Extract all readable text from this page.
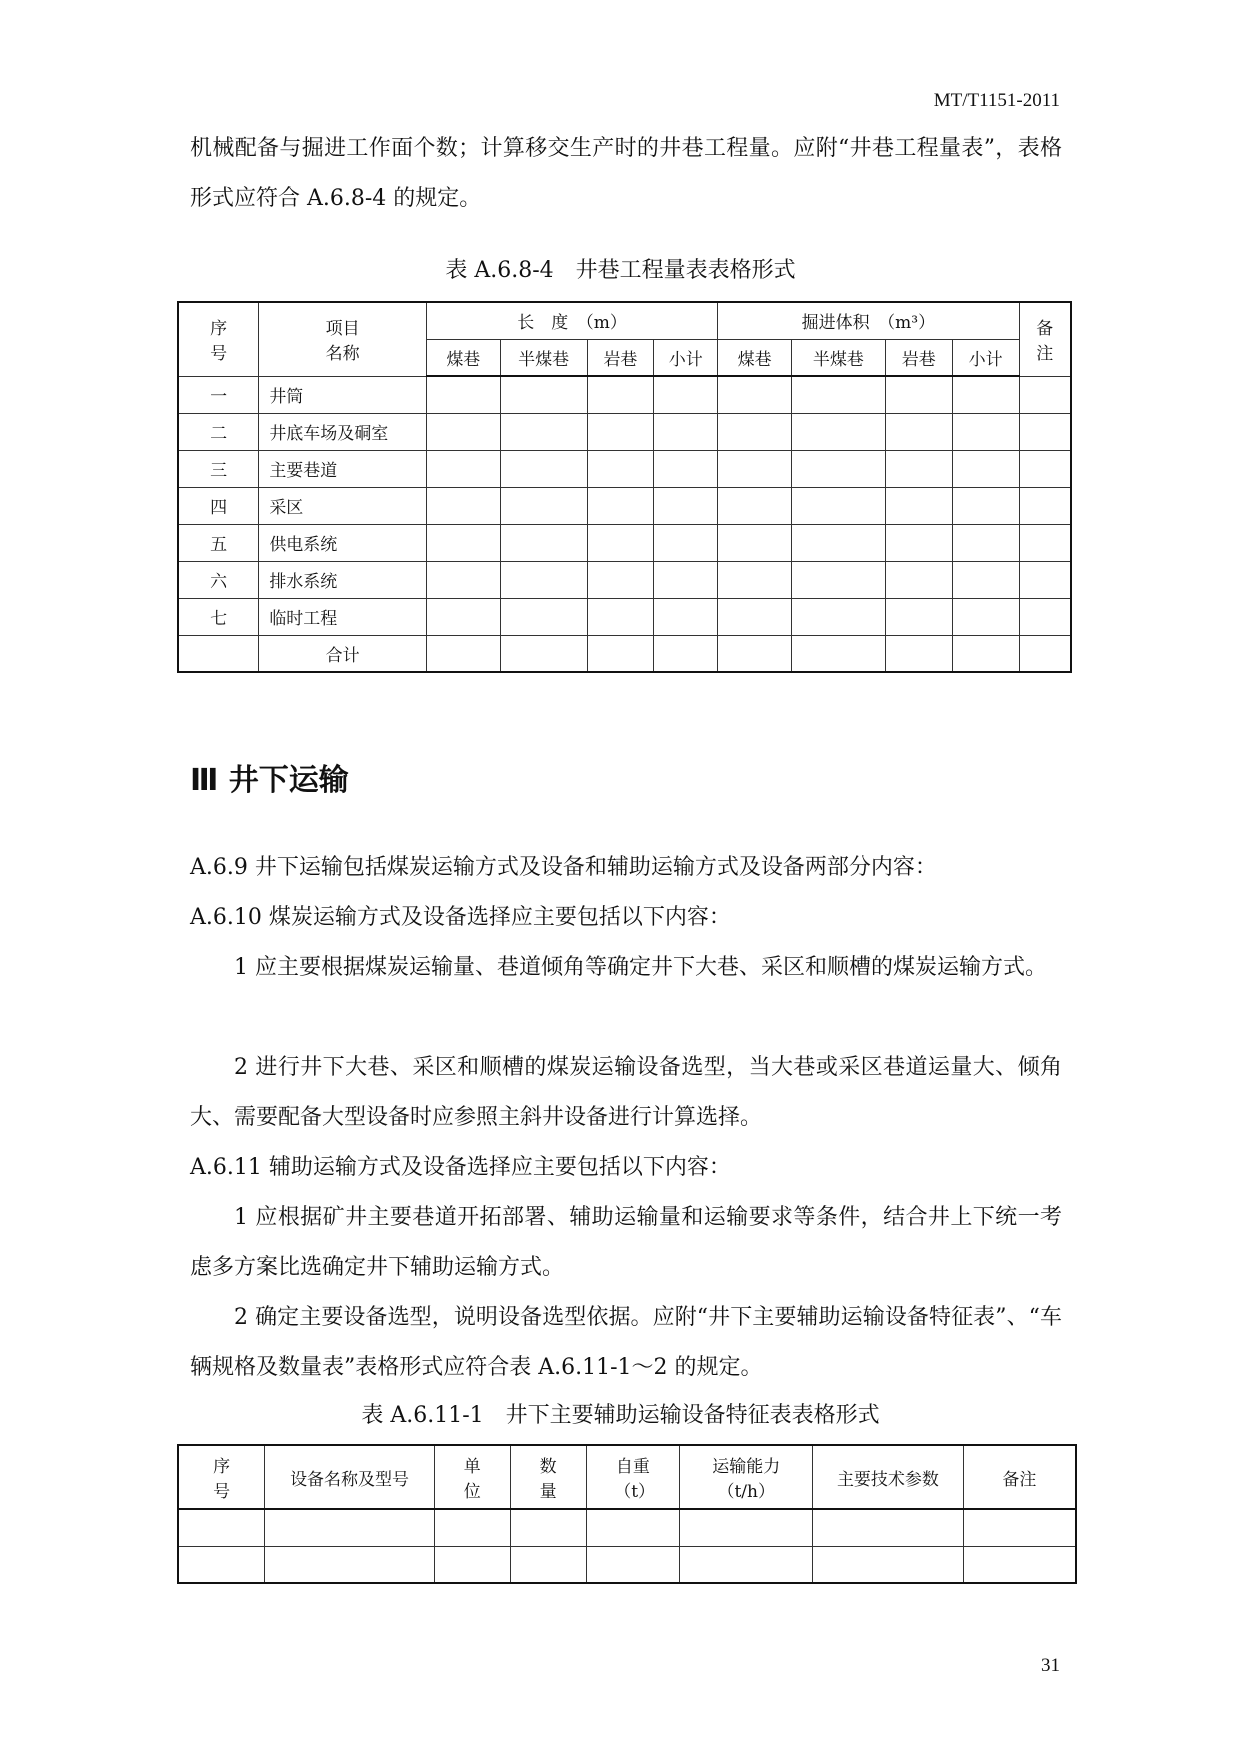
MT/T1151-2011
机械配备与掘进工作面个数；计算移交生产时的井巷工程量。应附“井巷工程量表”，表格形式应符合 A.6.8-4 的规定。
表 A.6.8-4　井巷工程量表表格形式
序号	项目名称	长　度　（m）				掘进体积　（m³）				备注
		煤巷	半煤巷	岩巷	小计	煤巷	半煤巷	岩巷	小计	
一	井筒									
二	井底车场及硐室									
三	主要巷道									
四	采区									
五	供电系统									
六	排水系统									
七	临时工程									
	合计									
Ⅲ 井下运输
A.6.9 井下运输包括煤炭运输方式及设备和辅助运输方式及设备两部分内容：
A.6.10 煤炭运输方式及设备选择应主要包括以下内容：
1 应主要根据煤炭运输量、巷道倾角等确定井下大巷、采区和顺槽的煤炭运输方式。
2 进行井下大巷、采区和顺槽的煤炭运输设备选型，当大巷或采区巷道运量大、倾角大、需要配备大型设备时应参照主斜井设备进行计算选择。
A.6.11 辅助运输方式及设备选择应主要包括以下内容：
1 应根据矿井主要巷道开拓部署、辅助运输量和运输要求等条件，结合井上下统一考虑多方案比选确定井下辅助运输方式。
2 确定主要设备选型，说明设备选型依据。应附“井下主要辅助运输设备特征表”、“车辆规格及数量表”表格形式应符合表 A.6.11-1～2 的规定。
表 A.6.11-1　井下主要辅助运输设备特征表表格形式
序号	设备名称及型号	单位	数量	自重（t）	运输能力（t/h）	主要技术参数	备注

31
